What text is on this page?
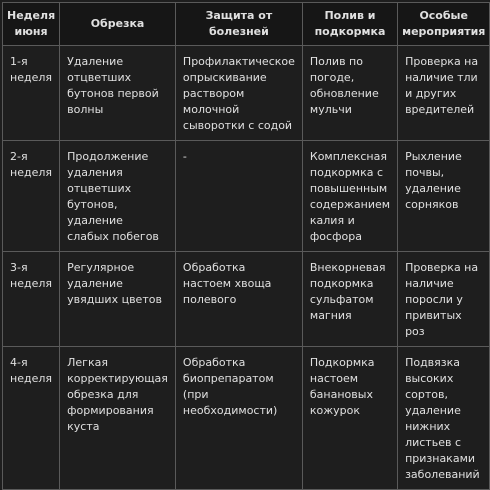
Неделя июня	Обрезка	Защита от болезней	Полив и подкормка	Особые мероприятия
1-я неделя	Удаление отцветших бутонов первой волны	Профилактическое опрыскивание раствором молочной сыворотки с содой	Полив по погоде, обновление мульчи	Проверка на наличие тли и других вредителей
2-я неделя	Продолжение удаления отцветших бутонов, удаление слабых побегов	-	Комплексная подкормка с повышенным содержанием калия и фосфора	Рыхление почвы, удаление сорняков
3-я неделя	Регулярное удаление увядших цветов	Обработка настоем хвоща полевого	Внекорневая подкормка сульфатом магния	Проверка на наличие поросли у привитых роз
4-я неделя	Легкая корректирующая обрезка для формирования куста	Обработка биопрепаратом (при необходимости)	Подкормка настоем банановых кожурок	Подвязка высоких сортов, удаление нижних листьев с признаками заболеваний
